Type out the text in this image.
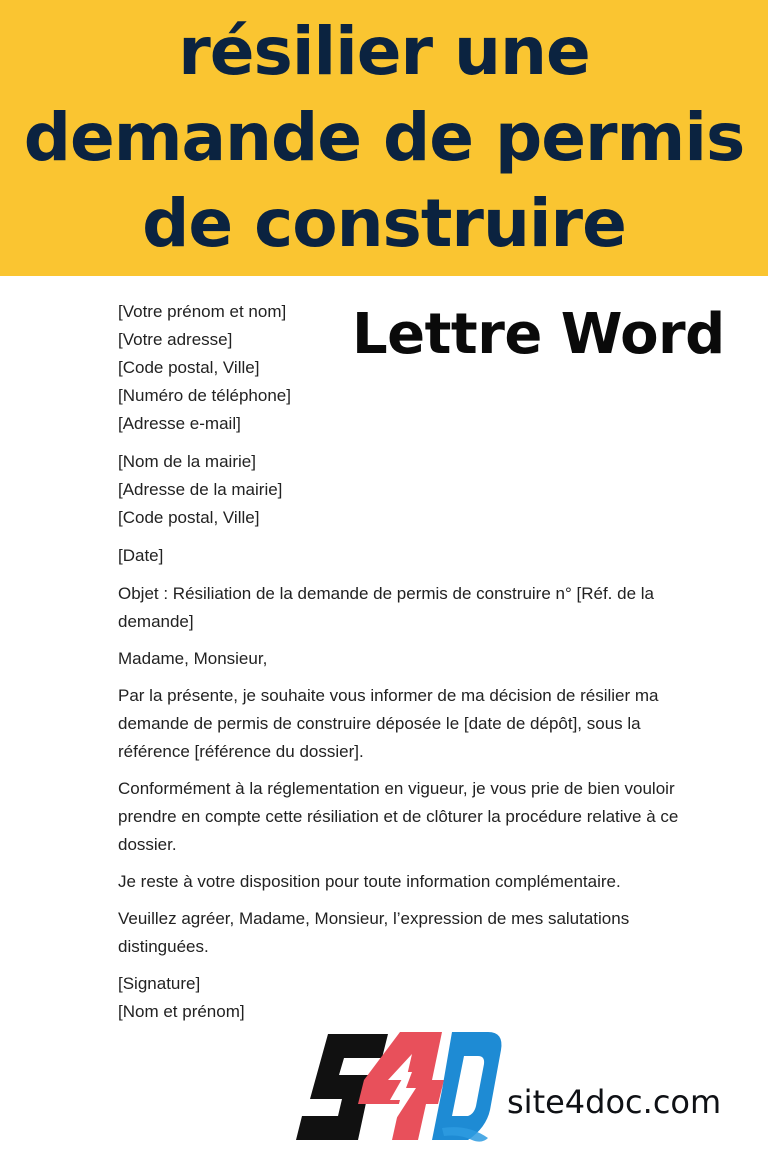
résilier une
demande de permis
de construire
Lettre Word
[Votre prénom et nom]
[Votre adresse]
[Code postal, Ville]
[Numéro de téléphone]
[Adresse e-mail]
[Nom de la mairie]
[Adresse de la mairie]
[Code postal, Ville]
[Date]
Objet : Résiliation de la demande de permis de construire n° [Réf. de la demande]
Madame, Monsieur,
Par la présente, je souhaite vous informer de ma décision de résilier ma demande de permis de construire déposée le [date de dépôt], sous la référence [référence du dossier].
Conformément à la réglementation en vigueur, je vous prie de bien vouloir prendre en compte cette résiliation et de clôturer la procédure relative à ce dossier.
Je reste à votre disposition pour toute information complémentaire.
Veuillez agréer, Madame, Monsieur, l’expression de mes salutations distinguées.
[Signature]
[Nom et prénom]
site4doc.com
